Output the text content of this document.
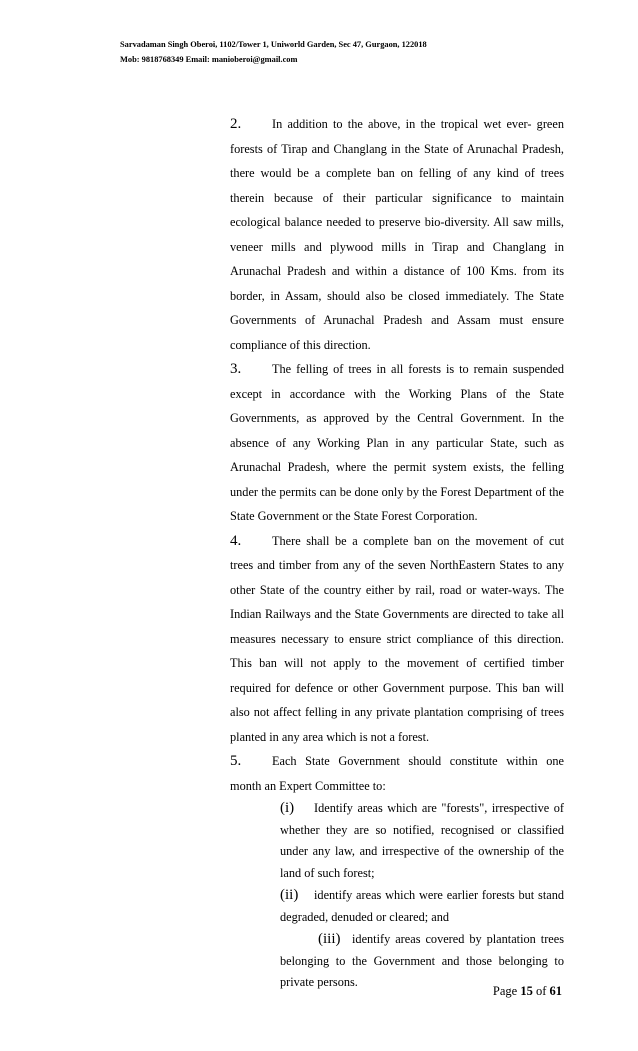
Sarvadaman Singh Oberoi, 1102/Tower 1, Uniworld Garden, Sec 47, Gurgaon, 122018
Mob: 9818768349 Email: manioberoi@gmail.com

2.	In addition to the above, in the tropical wet ever- green forests of Tirap and Changlang in the State of Arunachal Pradesh, there would be a complete ban on felling of any kind of trees therein because of their particular significance to maintain ecological balance needed to preserve bio-diversity. All saw mills, veneer mills and plywood mills in Tirap and Changlang in Arunachal Pradesh and within a distance of 100 Kms. from its border, in Assam, should also be closed immediately. The State Governments of Arunachal Pradesh and Assam must ensure compliance of this direction.

3.	The felling of trees in all forests is to remain suspended except in accordance with the Working Plans of the State Governments, as approved by the Central Government. In the absence of any Working Plan in any particular State, such as Arunachal Pradesh, where the permit system exists, the felling under the permits can be done only by the Forest Department of the State Government or the State Forest Corporation.

4.	There shall be a complete ban on the movement of cut trees and timber from any of the seven NorthEastern States to any other State of the country either by rail, road or water-ways. The Indian Railways and the State Governments are directed to take all measures necessary to ensure strict compliance of this direction. This ban will not apply to the movement of certified timber required for defence or other Government purpose. This ban will also not affect felling in any private plantation comprising of trees planted in any area which is not a forest.

5.	Each State Government should constitute within one month an Expert Committee to:

(i) Identify areas which are "forests", irrespective of whether they are so notified, recognised or classified under any law, and irrespective of the ownership of the land of such forest;
(ii) identify areas which were earlier forests but stand degraded, denuded or cleared; and
(iii) identify areas covered by plantation trees belonging to the Government and those belonging to private persons.
Page 15 of 61
